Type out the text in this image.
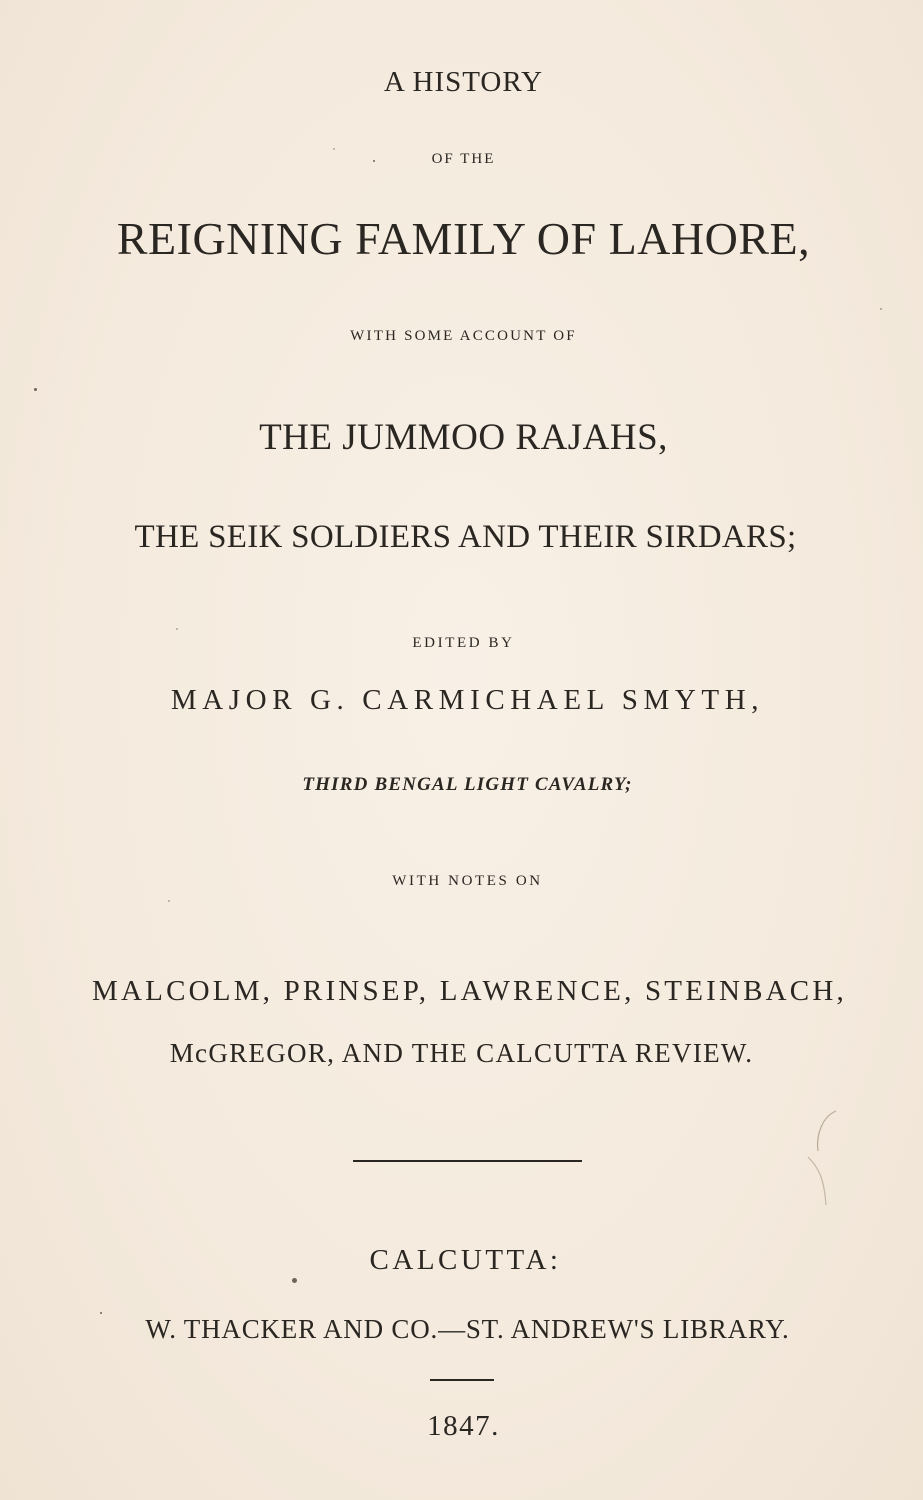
A HISTORY

OF THE

REIGNING FAMILY OF LAHORE,

WITH SOME ACCOUNT OF

THE JUMMOO RAJAHS,

THE SEIK SOLDIERS AND THEIR SIRDARS;

EDITED BY

MAJOR G. CARMICHAEL SMYTH,

THIRD BENGAL LIGHT CAVALRY;

WITH NOTES ON

MALCOLM, PRINSEP, LAWRENCE, STEINBACH,

McGREGOR, AND THE CALCUTTA REVIEW.

CALCUTTA:

W. THACKER AND CO.—ST. ANDREW'S LIBRARY.

1847.
